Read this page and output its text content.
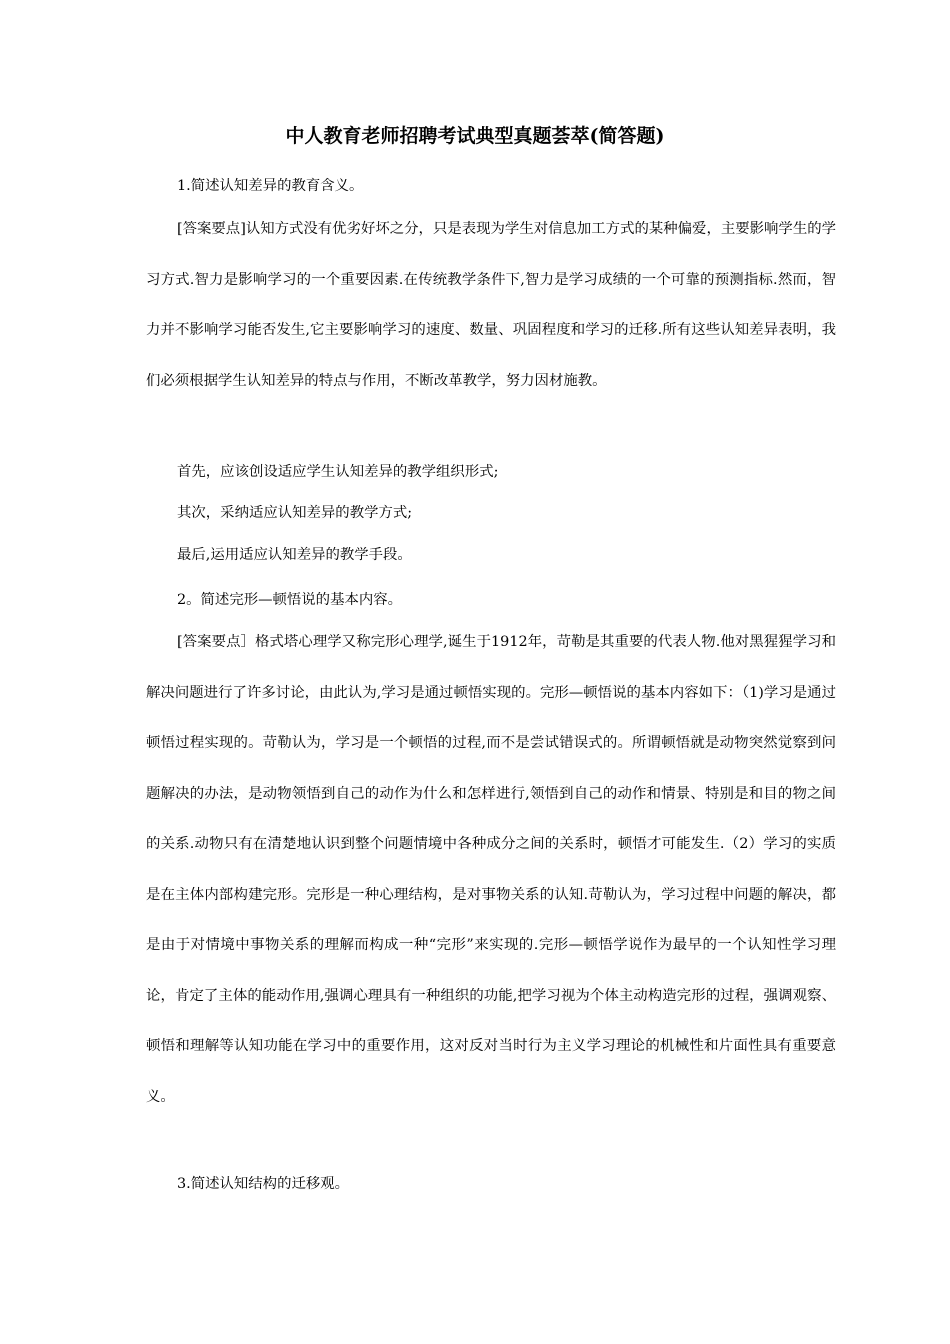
中人教育老师招聘考试典型真题荟萃(简答题)

1.简述认知差异的教育含义。

[答案要点]认知方式没有优劣好坏之分，只是表现为学生对信息加工方式的某种偏爱，主要影响学生的学习方式.智力是影响学习的一个重要因素.在传统教学条件下,智力是学习成绩的一个可靠的预测指标.然而，智力并不影响学习能否发生,它主要影响学习的速度、数量、巩固程度和学习的迁移.所有这些认知差异表明，我们必须根据学生认知差异的特点与作用，不断改革教学，努力因材施教。

首先，应该创设适应学生认知差异的教学组织形式;

其次，采纳适应认知差异的教学方式;

最后,运用适应认知差异的教学手段。

2。简述完形—顿悟说的基本内容。

[答案要点］格式塔心理学又称完形心理学,诞生于1912年，苛勒是其重要的代表人物.他对黑猩猩学习和解决问题进行了许多讨论，由此认为,学习是通过顿悟实现的。完形—顿悟说的基本内容如下：（1)学习是通过顿悟过程实现的。苛勒认为，学习是一个顿悟的过程,而不是尝试错误式的。所谓顿悟就是动物突然觉察到问题解决的办法，是动物领悟到自己的动作为什么和怎样进行,领悟到自己的动作和情景、特别是和目的物之间的关系.动物只有在清楚地认识到整个问题情境中各种成分之间的关系时，顿悟才可能发生.（2）学习的实质是在主体内部构建完形。完形是一种心理结构，是对事物关系的认知.苛勒认为，学习过程中问题的解决，都是由于对情境中事物关系的理解而构成一种“完形”来实现的.完形—顿悟学说作为最早的一个认知性学习理论，肯定了主体的能动作用,强调心理具有一种组织的功能,把学习视为个体主动构造完形的过程，强调观察、顿悟和理解等认知功能在学习中的重要作用，这对反对当时行为主义学习理论的机械性和片面性具有重要意义。

3.简述认知结构的迁移观。
